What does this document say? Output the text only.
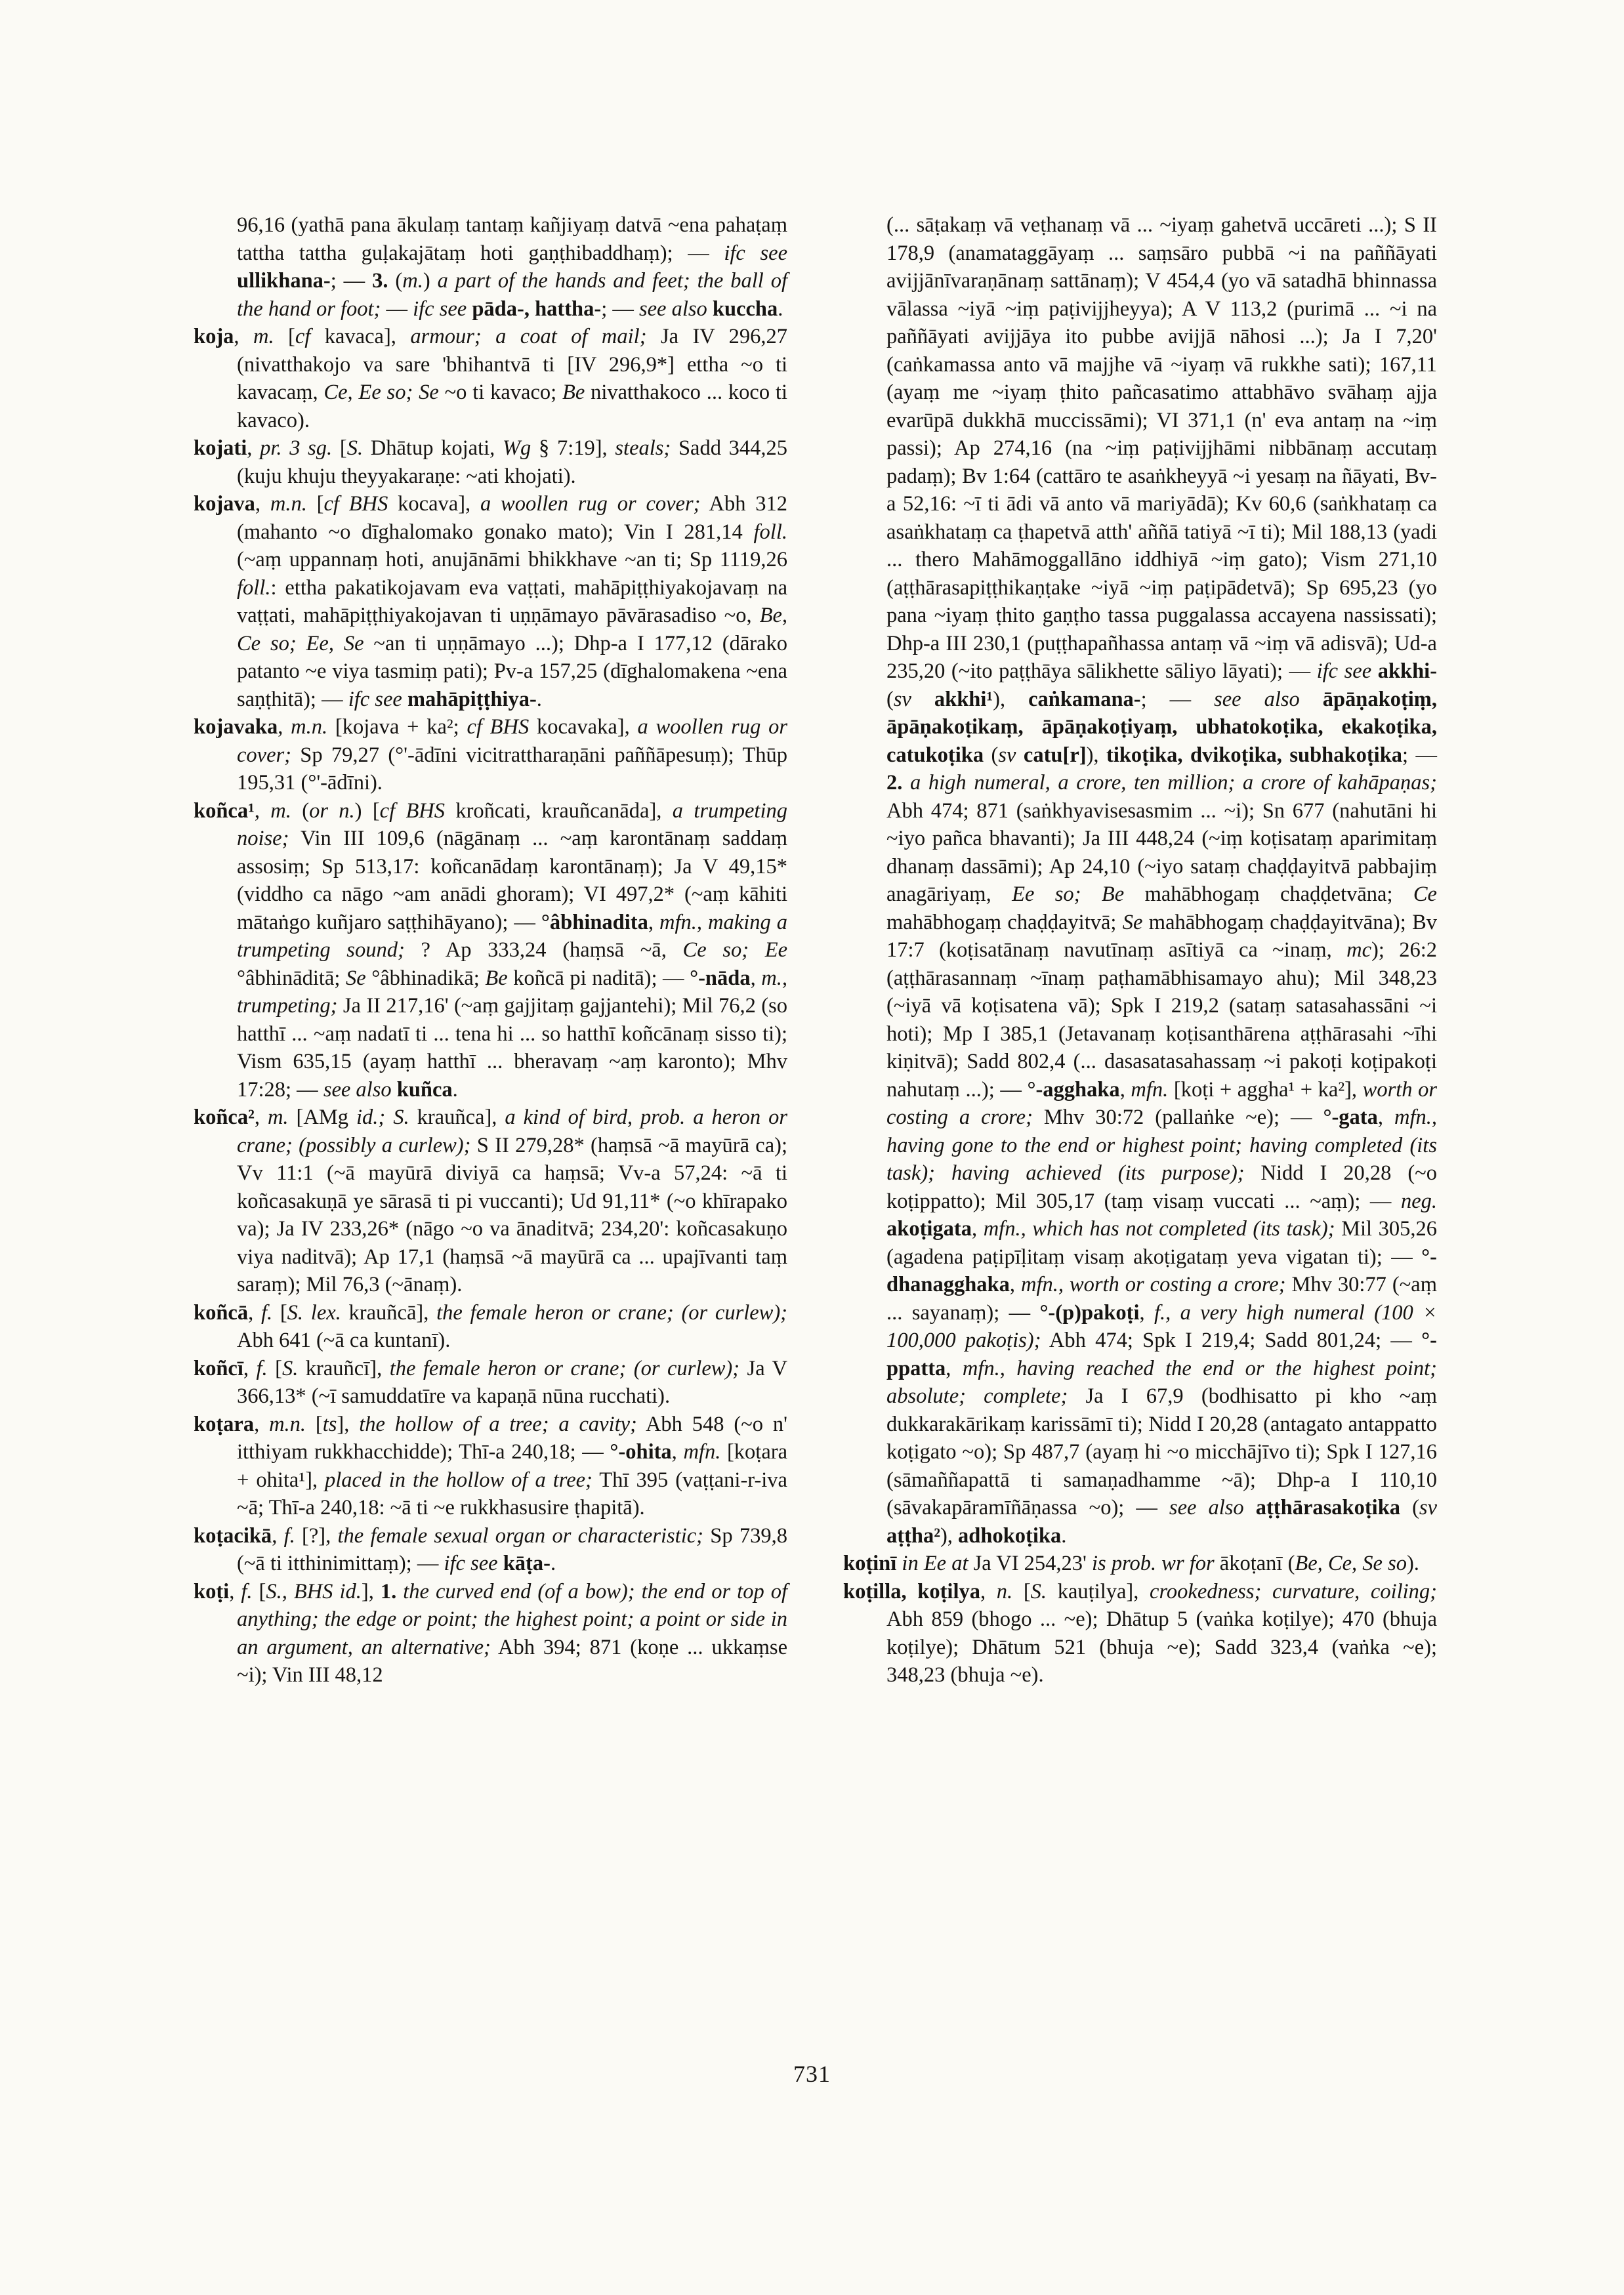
96,16 (yathā pana ākulaṃ tantaṃ kañjiyaṃ datvā ~ena pahaṭaṃ tattha tattha guḷakajātaṃ hoti gaṇṭhibaddhaṃ); — ifc see ullikhana-; — 3. (m.) a part of the hands and feet; the ball of the hand or foot; — ifc see pāda-, hattha-; — see also kuccha.

koja, m. [cf kavaca], armour; a coat of mail; Ja IV 296,27 (nivatthakojo va sare 'bhihantvā ti [IV 296,9*] ettha ~o ti kavacaṃ, Ce, Ee so; Se ~o ti kavaco; Be nivatthakoco ... koco ti kavaco).

kojati, pr. 3 sg. [S. Dhātup kojati, Wg § 7:19], steals; Sadd 344,25 (kuju khuju theyyakaraṇe: ~ati khojati).

kojava, m.n. [cf BHS kocava], a woollen rug or cover; Abh 312 (mahanto ~o dīghalomako gonako mato); Vin I 281,14 foll. (~aṃ uppannaṃ hoti, anujānāmi bhikkhave ~an ti; Sp 1119,26 foll.: ettha pakatikojavam eva vaṭṭati, mahāpiṭṭhiyakojavaṃ na vaṭṭati, mahāpiṭṭhiyakojavan ti uṇṇāmayo pāvārasadiso ~o, Be, Ce so; Ee, Se ~an ti uṇṇāmayo ...); Dhp-a I 177,12 (dārako patanto ~e viya tasmiṃ pati); Pv-a 157,25 (dīghalomakena ~ena saṇṭhitā); — ifc see mahāpiṭṭhiya-.

kojavaka, m.n. [kojava + ka²; cf BHS kocavaka], a woollen rug or cover; Sp 79,27 (°'-ādīni vicitrattharaṇāni paññāpesuṃ); Thūp 195,31 (°'-ādīni).

koñca¹, m. (or n.) [cf BHS kroñcati, krauñcanāda], a trumpeting noise; Vin III 109,6 (nāgānaṃ ... ~aṃ karontānaṃ saddaṃ assosiṃ; Sp 513,17: koñcanādaṃ karontānaṃ); Ja V 49,15* (viddho ca nāgo ~am anādi ghoram); VI 497,2* (~aṃ kāhiti mātaṅgo kuñjaro saṭṭhihāyano); — °âbhinadita, mfn., making a trumpeting sound; ? Ap 333,24 (haṃsā ~ā, Ce so; Ee °âbhināditā; Se °âbhinadikā; Be koñcā pi naditā); — °-nāda, m., trumpeting; Ja II 217,16' (~aṃ gajjitaṃ gajjantehi); Mil 76,2 (so hatthī ... ~aṃ nadatī ti ... tena hi ... so hatthī koñcānaṃ sisso ti); Vism 635,15 (ayaṃ hatthī ... bheravaṃ ~aṃ karonto); Mhv 17:28; — see also kuñca.

koñca², m. [AMg id.; S. krauñca], a kind of bird, prob. a heron or crane; (possibly a curlew); S II 279,28* (haṃsā ~ā mayūrā ca); Vv 11:1 (~ā mayūrā diviyā ca haṃsā; Vv-a 57,24: ~ā ti koñcasakuṇā ye sārasā ti pi vuccanti); Ud 91,11* (~o khīrapako va); Ja IV 233,26* (nāgo ~o va ānaditvā; 234,20': koñcasakuṇo viya naditvā); Ap 17,1 (haṃsā ~ā mayūrā ca ... upajīvanti taṃ saraṃ); Mil 76,3 (~ānaṃ).

koñcā, f. [S. lex. krauñcā], the female heron or crane; (or curlew); Abh 641 (~ā ca kuntanī).

koñcī, f. [S. krauñcī], the female heron or crane; (or curlew); Ja V 366,13* (~ī samuddatīre va kapaṇā nūna rucchati).

koṭara, m.n. [ts], the hollow of a tree; a cavity; Abh 548 (~o n' itthiyam rukkhacchidde); Thī-a 240,18; — °-ohita, mfn. [koṭara + ohita¹], placed in the hollow of a tree; Thī 395 (vaṭṭani-r-iva ~ā; Thī-a 240,18: ~ā ti ~e rukkhasusire ṭhapitā).

koṭacikā, f. [?], the female sexual organ or characteristic; Sp 739,8 (~ā ti itthinimittaṃ); — ifc see kāṭa-.

koṭi, f. [S., BHS id.], 1. the curved end (of a bow); the end or top of anything; the edge or point; the highest point; a point or side in an argument, an alternative; Abh 394; 871 (koṇe ... ukkaṃse ~i); Vin III 48,12

(... sāṭakaṃ vā veṭhanaṃ vā ... ~iyaṃ gahetvā uccāreti ...); S II 178,9 (anamataggāyaṃ ... saṃsāro pubbā ~i na paññāyati avijjānīvaraṇānaṃ sattānaṃ); V 454,4 (yo vā satadhā bhinnassa vālassa ~iyā ~iṃ paṭivijjheyya); A V 113,2 (purimā ... ~i na paññāyati avijjāya ito pubbe avijjā nāhosi ...); Ja I 7,20' (caṅkamassa anto vā majjhe vā ~iyaṃ vā rukkhe sati); 167,11 (ayaṃ me ~iyaṃ ṭhito pañcasatimo attabhāvo svāhaṃ ajja evarūpā dukkhā muccissāmi); VI 371,1 (n' eva antaṃ na ~iṃ passi); Ap 274,16 (na ~iṃ paṭivijjhāmi nibbānaṃ accutaṃ padaṃ); Bv 1:64 (cattāro te asaṅkheyyā ~i yesaṃ na ñāyati, Bv-a 52,16: ~ī ti ādi vā anto vā mariyādā); Kv 60,6 (saṅkhataṃ ca asaṅkhataṃ ca ṭhapetvā atth' aññā tatiyā ~ī ti); Mil 188,13 (yadi ... thero Mahāmoggallāno iddhiyā ~iṃ gato); Vism 271,10 (aṭṭhārasapiṭṭhikaṇṭake ~iyā ~iṃ paṭipādetvā); Sp 695,23 (yo pana ~iyaṃ ṭhito gaṇṭho tassa puggalassa accayena nassissati); Dhp-a III 230,1 (puṭṭhapañhassa antaṃ vā ~iṃ vā adisvā); Ud-a 235,20 (~ito paṭṭhāya sālikhette sāliyo lāyati); — ifc see akkhi- (sv akkhi¹), caṅkamana-; — see also āpāṇakoṭiṃ, āpāṇakoṭikaṃ, āpāṇakoṭiyaṃ, ubhatokoṭika, ekakoṭika, catukoṭika (sv catu[r]), tikoṭika, dvikoṭika, subhakoṭika; — 2. a high numeral, a crore, ten million; a crore of kahāpaṇas; Abh 474; 871 (saṅkhyavisesasmim ... ~i); Sn 677 (nahutāni hi ~iyo pañca bhavanti); Ja III 448,24 (~iṃ koṭisataṃ aparimitaṃ dhanaṃ dassāmi); Ap 24,10 (~iyo sataṃ chaḍḍayitvā pabbajiṃ anagāriyaṃ, Ee so; Be mahābhogaṃ chaḍḍetvāna; Ce mahābhogaṃ chaḍḍayitvā; Se mahābhogaṃ chaḍḍayitvāna); Bv 17:7 (koṭisatānaṃ navutīnaṃ asītiyā ca ~inaṃ, mc); 26:2 (aṭṭhārasannaṃ ~īnaṃ paṭhamābhisamayo ahu); Mil 348,23 (~iyā vā koṭisatena vā); Spk I 219,2 (sataṃ satasahassāni ~i hoti); Mp I 385,1 (Jetavanaṃ koṭisanthārena aṭṭhārasahi ~īhi kiṇitvā); Sadd 802,4 (... dasasatasahassaṃ ~i pakoṭi koṭipakoṭi nahutaṃ ...); — °-agghaka, mfn. [koṭi + aggha¹ + ka²], worth or costing a crore; Mhv 30:72 (pallaṅke ~e); — °-gata, mfn., having gone to the end or highest point; having completed (its task); having achieved (its purpose); Nidd I 20,28 (~o koṭippatto); Mil 305,17 (taṃ visaṃ vuccati ... ~aṃ); — neg. akoṭigata, mfn., which has not completed (its task); Mil 305,26 (agadena paṭipīḷitaṃ visaṃ akoṭigataṃ yeva vigatan ti); — °-dhanagghaka, mfn., worth or costing a crore; Mhv 30:77 (~aṃ ... sayanaṃ); — °-(p)pakoṭi, f., a very high numeral (100 × 100,000 pakoṭis); Abh 474; Spk I 219,4; Sadd 801,24; — °-ppatta, mfn., having reached the end or the highest point; absolute; complete; Ja I 67,9 (bodhisatto pi kho ~aṃ dukkarakārikaṃ karissāmī ti); Nidd I 20,28 (antagato antappatto koṭigato ~o); Sp 487,7 (ayaṃ hi ~o micchājīvo ti); Spk I 127,16 (sāmaññapattā ti samaṇadhamme ~ā); Dhp-a I 110,10 (sāvakapāramīñāṇassa ~o); — see also aṭṭhārasakoṭika (sv aṭṭha²), adhokoṭika.

koṭinī in Ee at Ja VI 254,23' is prob. wr for ākoṭanī (Be, Ce, Se so).

koṭilla, koṭilya, n. [S. kauṭilya], crookedness; curvature, coiling; Abh 859 (bhogo ... ~e); Dhātup 5 (vaṅka koṭilye); 470 (bhuja koṭilye); Dhātum 521 (bhuja ~e); Sadd 323,4 (vaṅka ~e); 348,23 (bhuja ~e).

731
